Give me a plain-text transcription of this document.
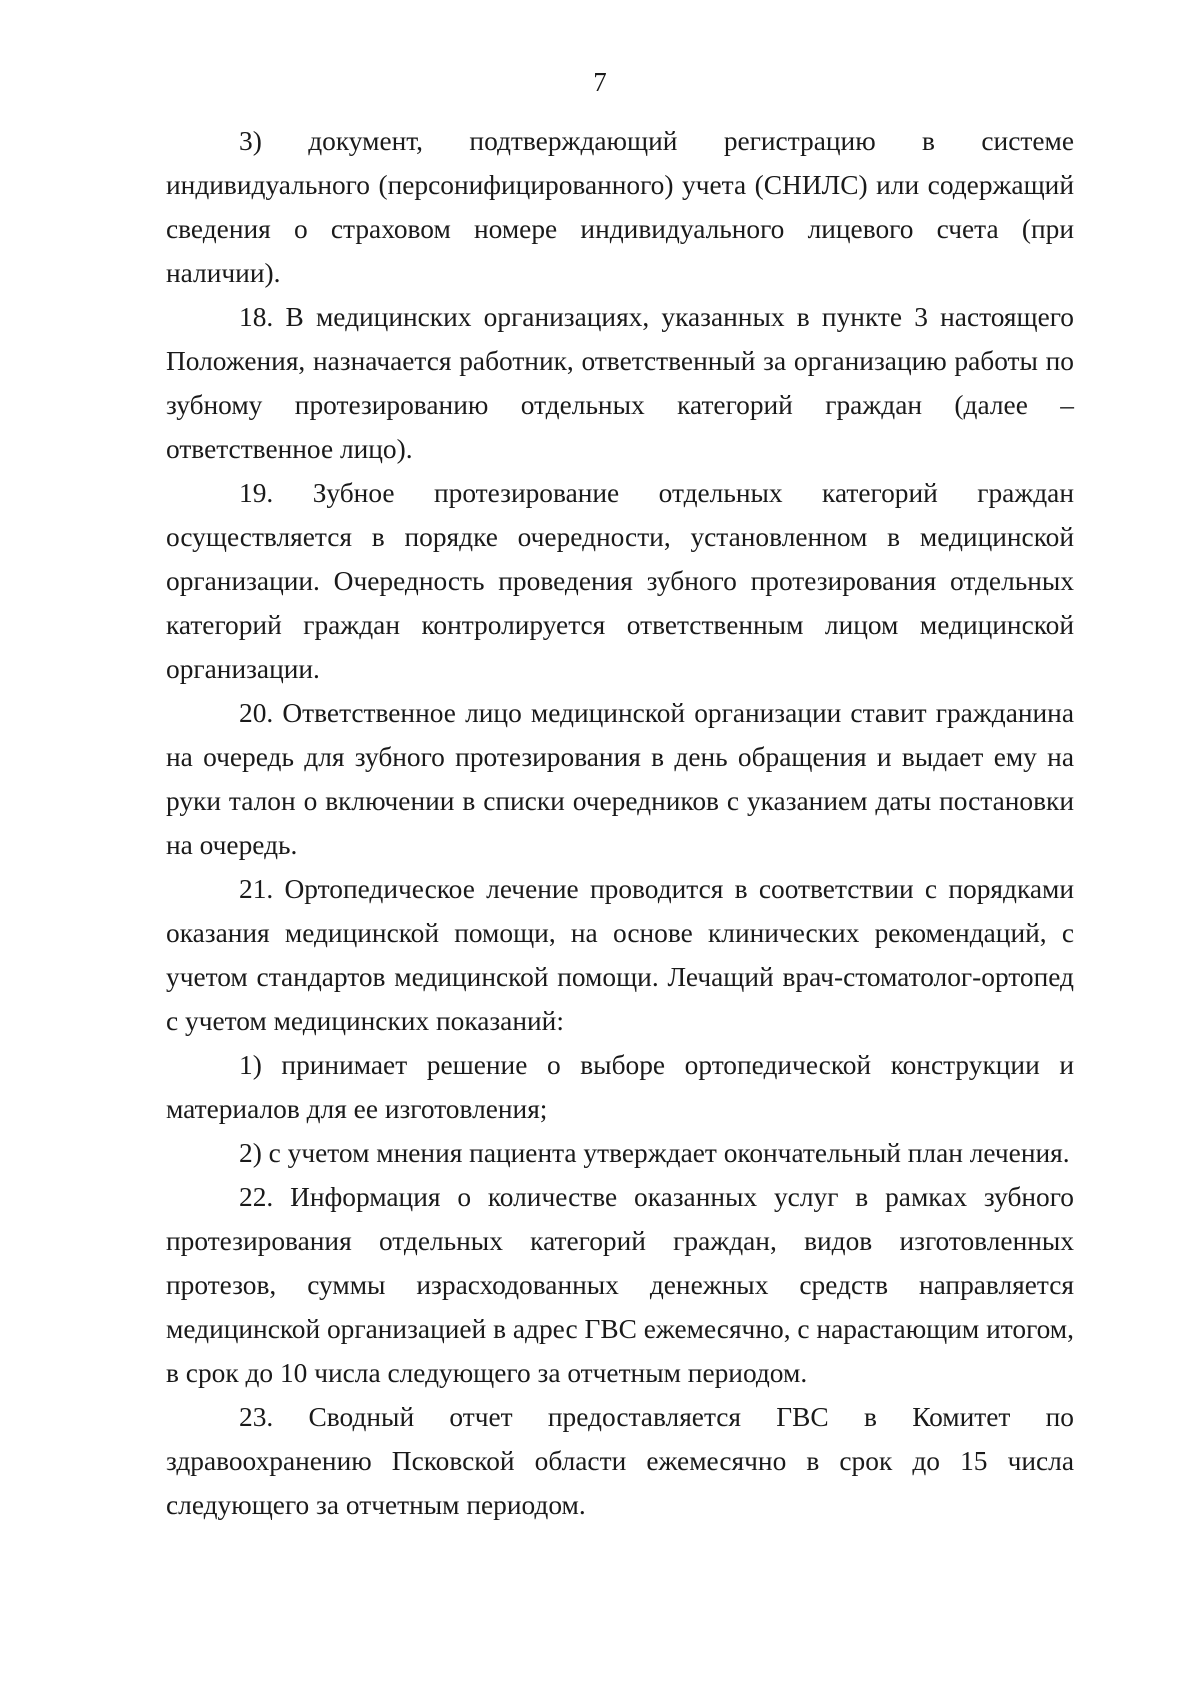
7

3) документ, подтверждающий регистрацию в системе индивидуального (персонифицированного) учета (СНИЛС) или содержащий сведения о страховом номере индивидуального лицевого счета (при наличии).

18. В медицинских организациях, указанных в пункте 3 настоящего Положения, назначается работник, ответственный за организацию работы по зубному протезированию отдельных категорий граждан (далее – ответственное лицо).

19. Зубное протезирование отдельных категорий граждан осуществляется в порядке очередности, установленном в медицинской организации. Очередность проведения зубного протезирования отдельных категорий граждан контролируется ответственным лицом медицинской организации.

20. Ответственное лицо медицинской организации ставит гражданина на очередь для зубного протезирования в день обращения и выдает ему на руки талон о включении в списки очередников с указанием даты постановки на очередь.

21. Ортопедическое лечение проводится в соответствии с порядками оказания медицинской помощи, на основе клинических рекомендаций, с учетом стандартов медицинской помощи. Лечащий врач-стоматолог-ортопед с учетом медицинских показаний:

1) принимает решение о выборе ортопедической конструкции и материалов для ее изготовления;

2) с учетом мнения пациента утверждает окончательный план лечения.

22. Информация о количестве оказанных услуг в рамках зубного протезирования отдельных категорий граждан, видов изготовленных протезов, суммы израсходованных денежных средств направляется медицинской организацией в адрес ГВС ежемесячно, с нарастающим итогом, в срок до 10 числа следующего за отчетным периодом.

23. Сводный отчет предоставляется ГВС в Комитет по здравоохранению Псковской области ежемесячно в срок до 15 числа следующего за отчетным периодом.
